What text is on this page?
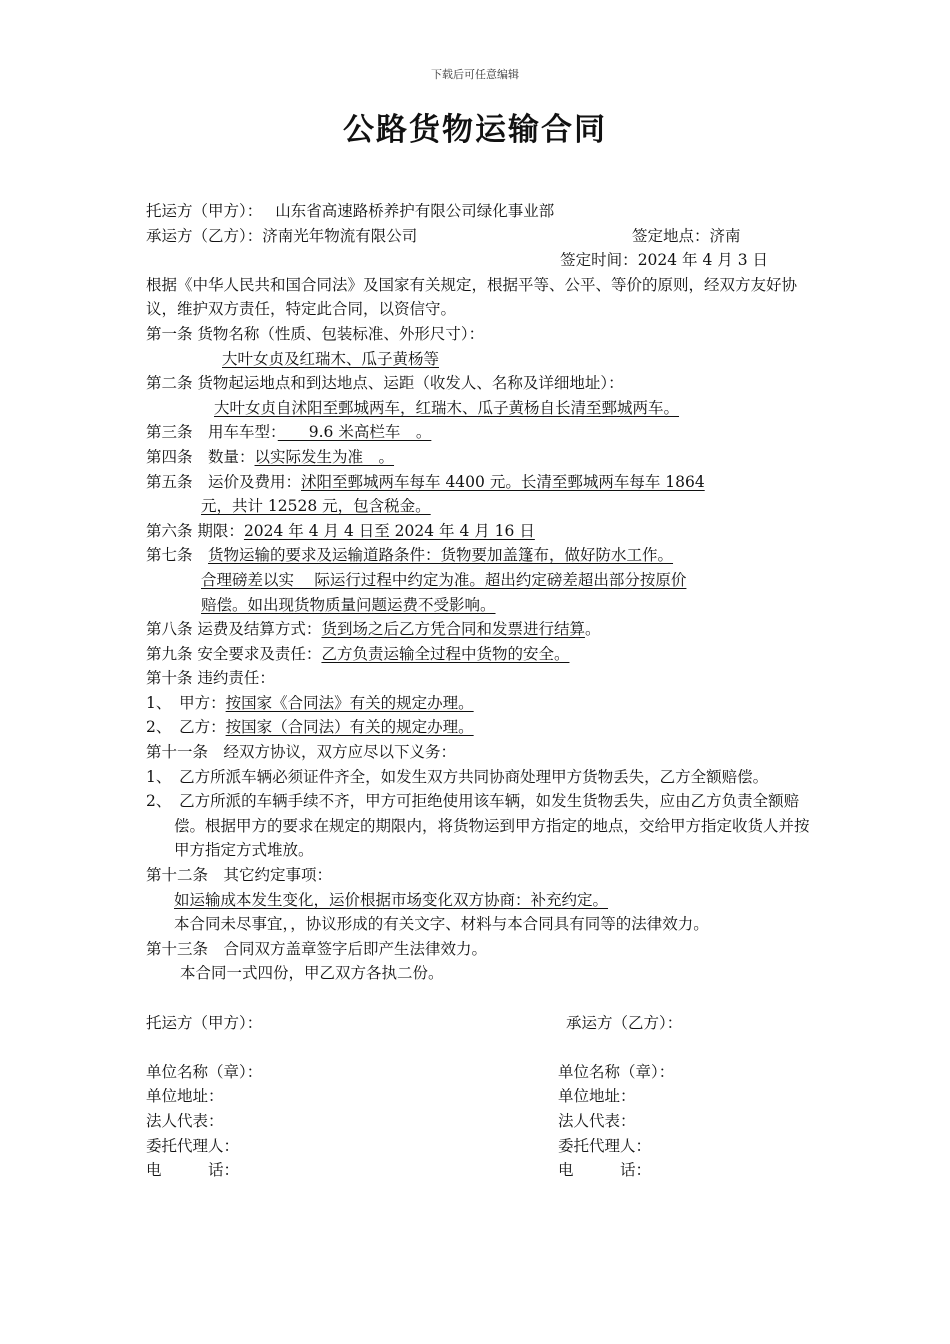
下载后可任意编辑
公路货物运输合同
托运方（甲方）： 山东省高速路桥养护有限公司绿化事业部
承运方（乙方）：济南光年物流有限公司	签定地点：济南
签定时间：2024 年 4 月 3 日
根据《中华人民共和国合同法》及国家有关规定，根据平等、公平、等价的原则，经双方友好协议，维护双方责任，特定此合同，以资信守。
第一条 货物名称（性质、包装标准、外形尺寸）：
大叶女贞及红瑞木、瓜子黄杨等
第二条 货物起运地点和到达地点、运距（收发人、名称及详细地址）：
大叶女贞自沭阳至鄄城两车，红瑞木、瓜子黄杨自长清至鄄城两车。
第三条　用车车型：　　9.6 米高栏车　。
第四条　数量：以实际发生为准　。
第五条　运价及费用：沭阳至鄄城两车每车 4400 元。长清至鄄城两车每车 1864
元，共计 12528 元，包含税金。
第六条 期限：2024 年 4 月 4 日至 2024 年 4 月 16 日
第七条　货物运输的要求及运输道路条件：货物要加盖篷布，做好防水工作。
合理磅差以实　 际运行过程中约定为准。超出约定磅差超出部分按原价
赔偿。如出现货物质量问题运费不受影响。
第八条 运费及结算方式：货到场之后乙方凭合同和发票进行结算。
第九条 安全要求及责任：乙方负责运输全过程中货物的安全。
第十条 违约责任：
1、　甲方：按国家《合同法》有关的规定办理。
2、　乙方：按国家（合同法）有关的规定办理。
第十一条　经双方协议，双方应尽以下义务：
1、　乙方所派车辆必须证件齐全，如发生双方共同协商处理甲方货物丢失，乙方全额赔偿。
2、　乙方所派的车辆手续不齐，甲方可拒绝使用该车辆，如发生货物丢失，应由乙方负责全额赔偿。根据甲方的要求在规定的期限内，将货物运到甲方指定的地点，交给甲方指定收货人并按甲方指定方式堆放。
第十二条　其它约定事项：
如运输成本发生变化，运价根据市场变化双方协商：补充约定。
本合同未尽事宜，，协议形成的有关文字、材料与本合同具有同等的法律效力。
第十三条　合同双方盖章签字后即产生法律效力。
本合同一式四份，甲乙双方各执二份。
托运方（甲方）：	承运方（乙方）：
单位名称（章）：	单位名称（章）：
单位地址：	单位地址：
法人代表：	法人代表：
委托代理人：	委托代理人：
电　　　话：	电　　　话：
